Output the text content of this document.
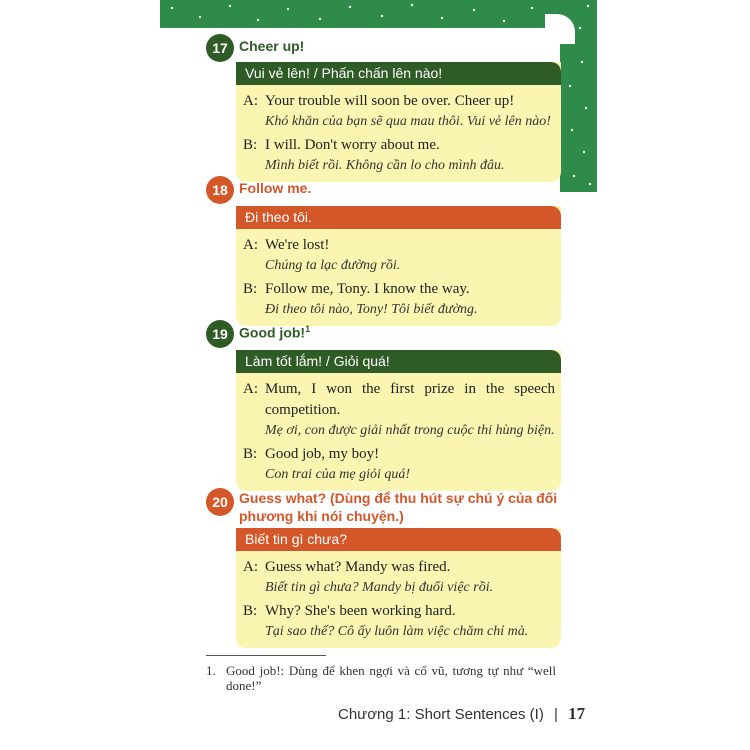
17 Cheer up!
Vui vẻ lên! / Phấn chấn lên nào!
A: Your trouble will soon be over. Cheer up!
Khó khăn của bạn sẽ qua mau thôi. Vui vẻ lên nào!
B: I will. Don't worry about me.
Mình biết rồi. Không cần lo cho mình đâu.
18 Follow me.
Đi theo tôi.
A: We're lost!
Chúng ta lạc đường rồi.
B: Follow me, Tony. I know the way.
Đi theo tôi nào, Tony! Tôi biết đường.
19 Good job!$^1$
Làm tốt lắm! / Giỏi quá!
A: Mum, I won the first prize in the speech competition.
Mẹ ơi, con được giải nhất trong cuộc thi hùng biện.
B: Good job, my boy!
Con trai của mẹ giỏi quá!
20 Guess what? (Dùng để thu hút sự chú ý của đối phương khi nói chuyện.)
Biết tin gì chưa?
A: Guess what? Mandy was fired.
Biết tin gì chưa? Mandy bị đuổi việc rồi.
B: Why? She's been working hard.
Tại sao thế? Cô ấy luôn làm việc chăm chỉ mà.
1. Good job!: Dùng để khen ngợi và cổ vũ, tương tự như “well done!”
Chương 1: Short Sentences (I) | 17
